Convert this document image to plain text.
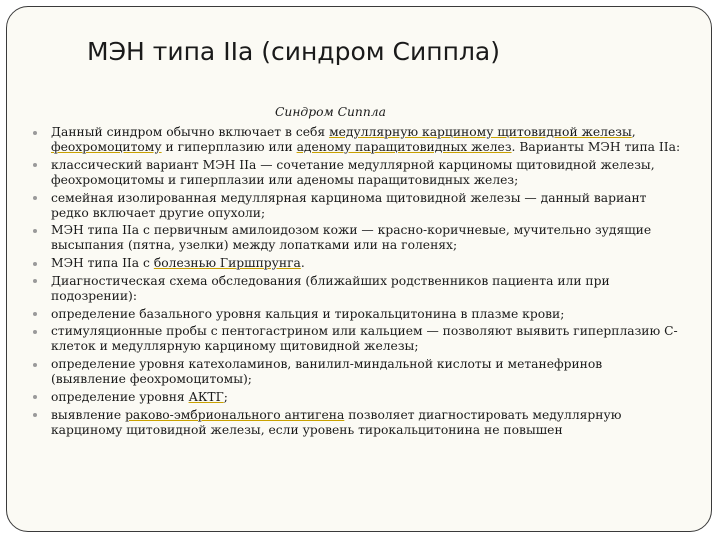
МЭН типа IIa (синдром Сиппла)
Синдром Сиппла
Данный синдром обычно включает в себя медуллярную карциному щитовидной железы, феохромоцитому и гиперплазию или аденому паращитовидных желез. Варианты МЭН типа IIa:
классический вариант МЭН IIa — сочетание медуллярной карциномы щитовидной железы, феохромоцитомы и гиперплазии или аденомы паращитовидных желез;
семейная изолированная медуллярная карцинома щитовидной железы — данный вариант редко включает другие опухоли;
МЭН типа IIa с первичным амилоидозом кожи — красно-коричневые, мучительно зудящие высыпания (пятна, узелки) между лопатками или на голенях;
МЭН типа IIa с болезнью Гиршпрунга.
Диагностическая схема обследования (ближайших родственников пациента или при подозрении):
определение базального уровня кальция и тирокальцитонина в плазме крови;
стимуляционные пробы с пентогастрином или кальцием — позволяют выявить гиперплазию С-клеток и медуллярную карциному щитовидной железы;
определение уровня катехоламинов, ванилил-миндальной кислоты и метанефринов (выявление феохромоцитомы);
определение уровня АКТГ;
выявление раково-эмбрионального антигена позволяет диагностировать медуллярную карциному щитовидной железы, если уровень тирокальцитонина не повышен
